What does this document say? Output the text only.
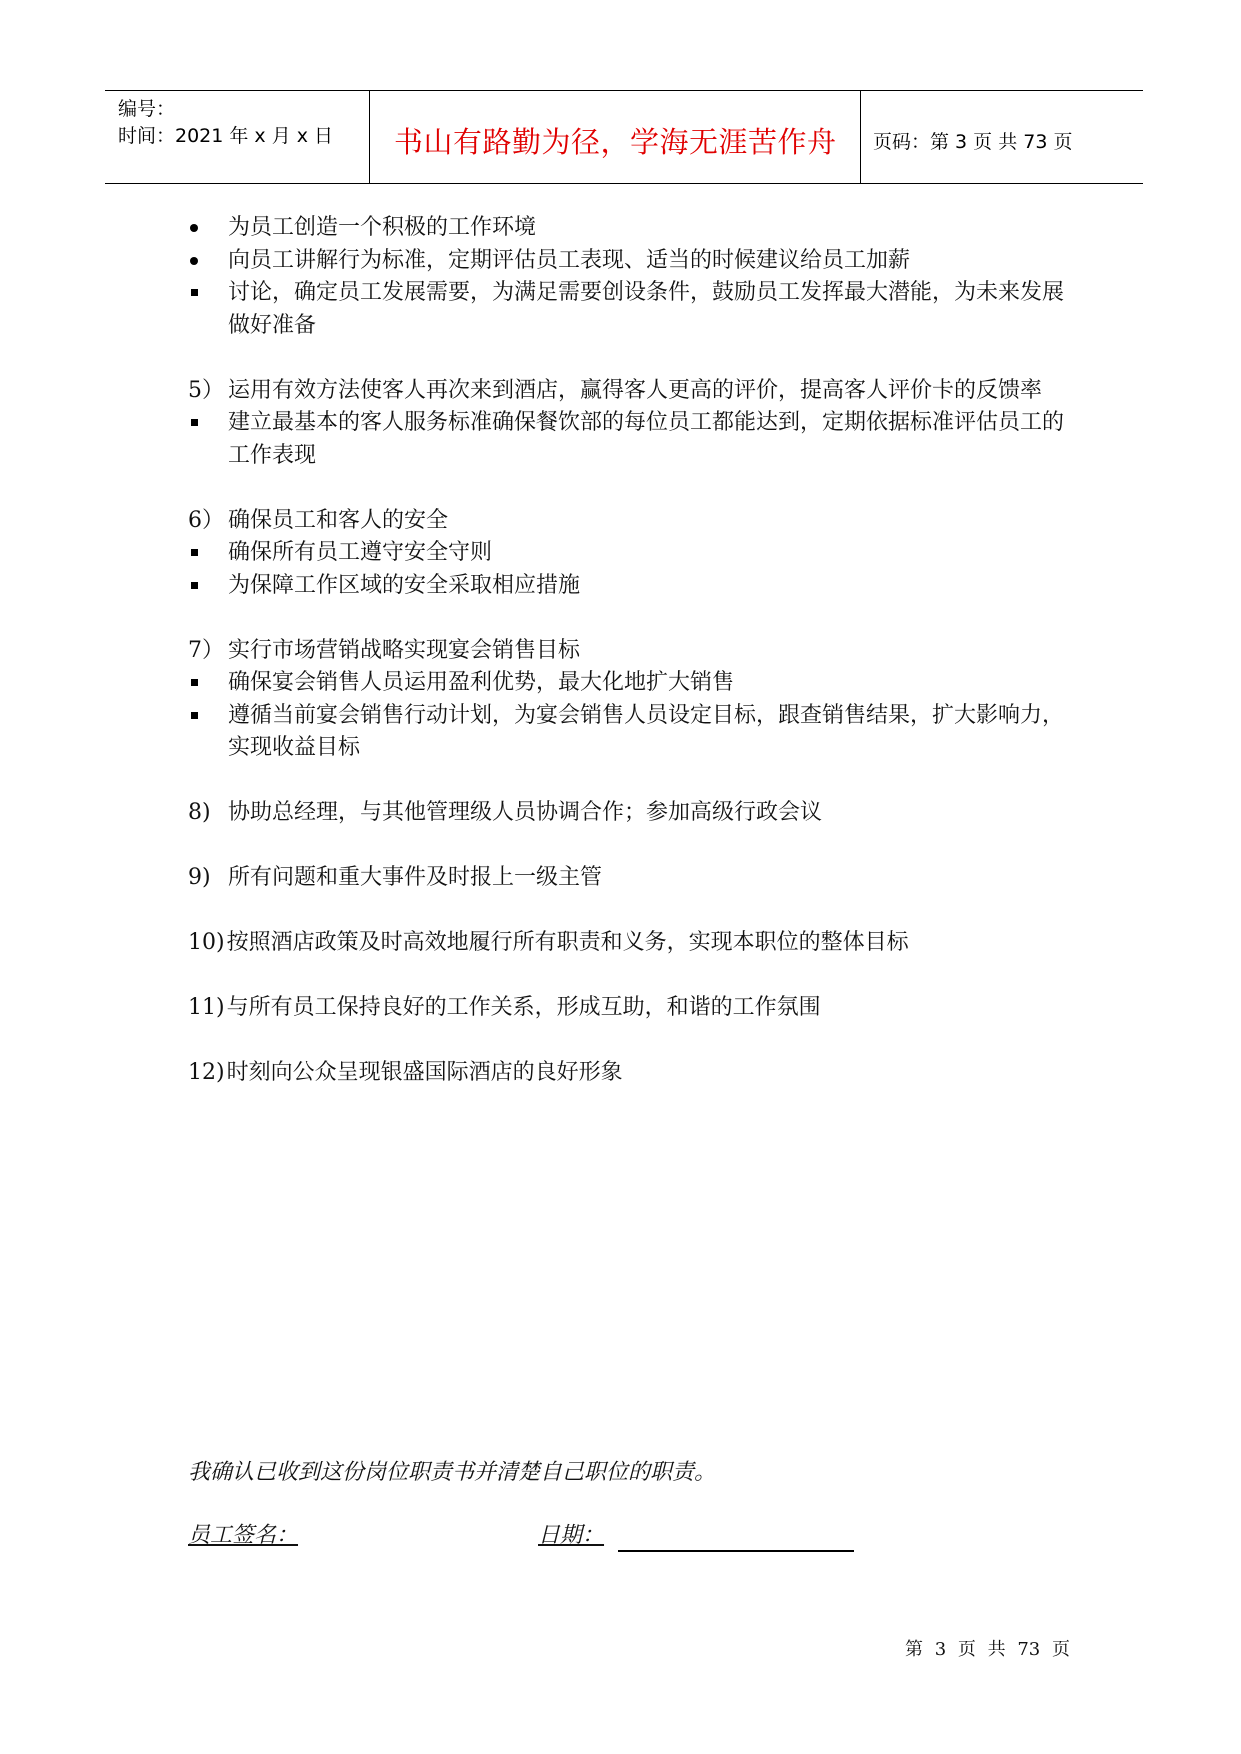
编号：
时间：2021 年 x 月 x 日 书山有路勤为径，学海无涯苦作舟 页码：第 3 页 共 73 页
为员工创造一个积极的工作环境
向员工讲解行为标准，定期评估员工表现、适当的时候建议给员工加薪
讨论，确定员工发展需要，为满足需要创设条件，鼓励员工发挥最大潜能，为未来发展做好准备
5） 运用有效方法使客人再次来到酒店，赢得客人更高的评价，提高客人评价卡的反馈率
建立最基本的客人服务标准确保餐饮部的每位员工都能达到，定期依据标准评估员工的工作表现
6） 确保员工和客人的安全
确保所有员工遵守安全守则
为保障工作区域的安全采取相应措施
7） 实行市场营销战略实现宴会销售目标
确保宴会销售人员运用盈利优势，最大化地扩大销售
遵循当前宴会销售行动计划，为宴会销售人员设定目标，跟查销售结果，扩大影响力，实现收益目标
8) 协助总经理，与其他管理级人员协调合作；参加高级行政会议
9) 所有问题和重大事件及时报上一级主管
10) 按照酒店政策及时高效地履行所有职责和义务，实现本职位的整体目标
11) 与所有员工保持良好的工作关系，形成互助，和谐的工作氛围
12) 时刻向公众呈现银盛国际酒店的良好形象
我确认已收到这份岗位职责书并清楚自己职位的职责。
员工签名：	日期：
第 3 页 共 73 页
